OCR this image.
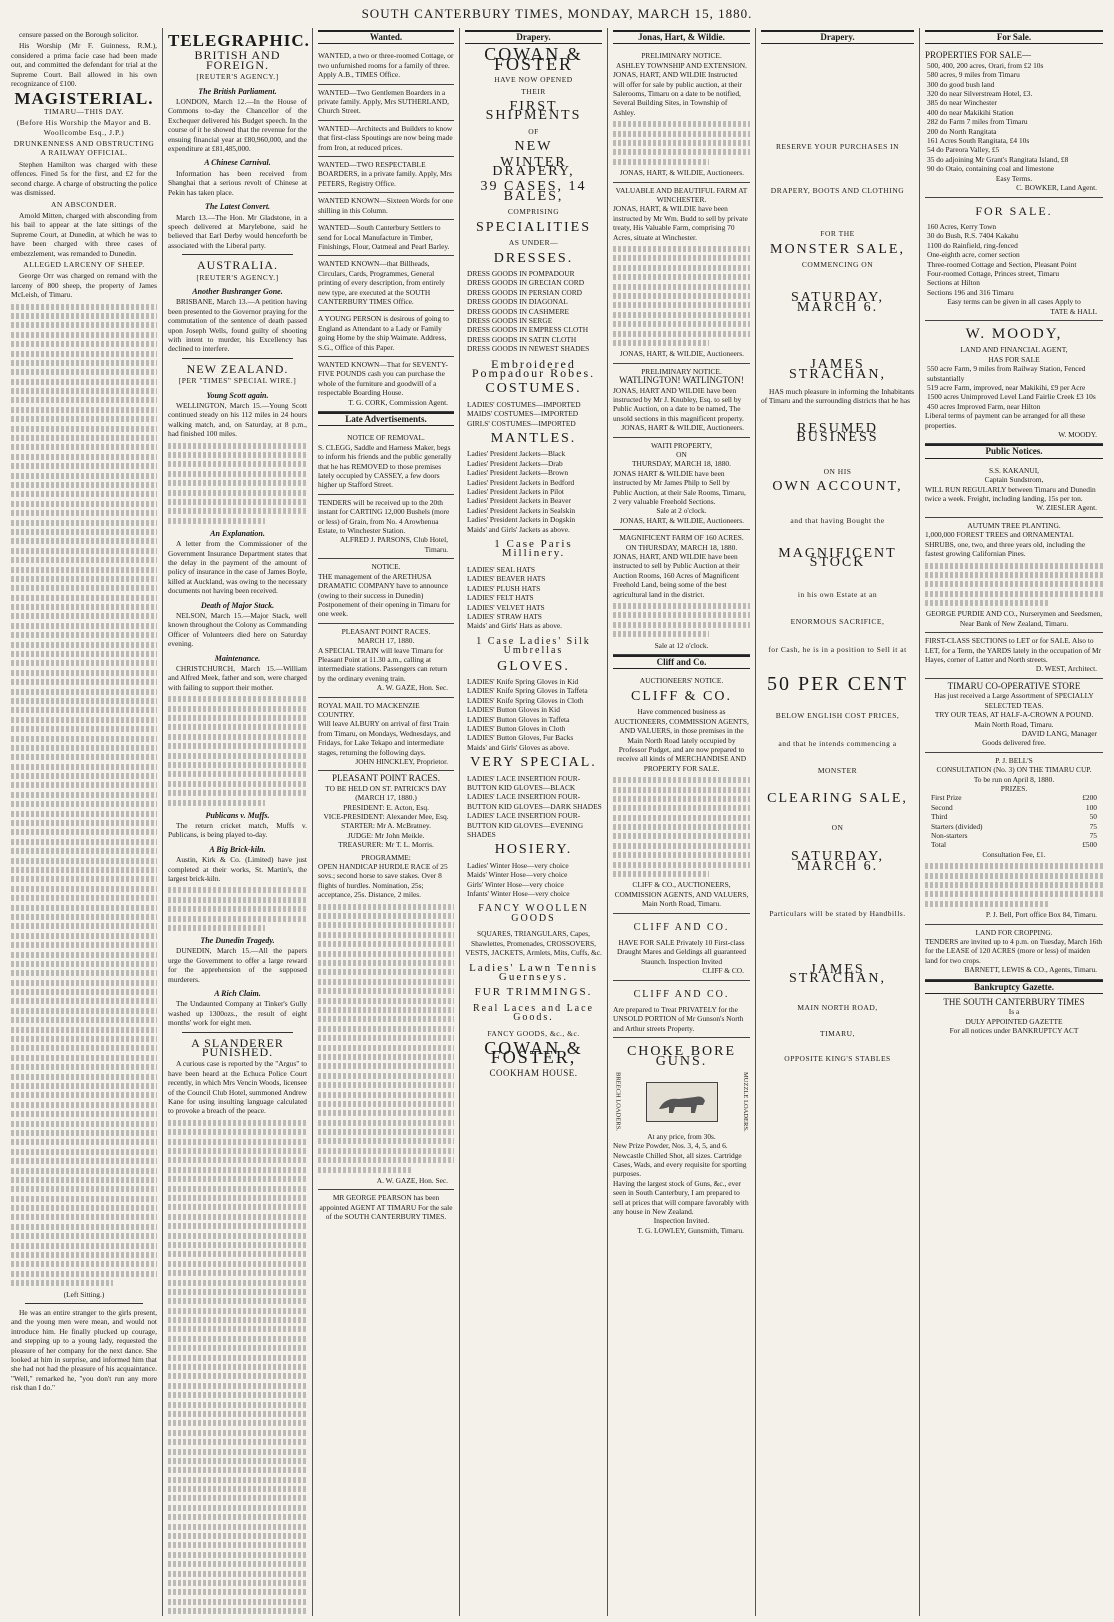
SOUTH CANTERBURY TIMES, MONDAY, MARCH 15, 1880.

censure passed on the Borough solicitor.

His Worship (Mr F. Guinness, R.M.), considered a prima facie case had been made out, and committed the defendant for trial at the Supreme Court. Bail allowed in his own recognizance of £100.

MAGISTERIAL.
TIMARU—THIS DAY.
(Before His Worship the Mayor and B. Woollcombe Esq., J.P.)
DRUNKENNESS AND OBSTRUCTING A RAILWAY OFFICIAL.

Stephen Hamilton was charged with these offences. Fined 5s for the first, and £2 for the second charge. A charge of obstructing the police was dismissed.

AN ABSCONDER.

Arnold Mitten, charged with absconding from his bail to appear at the late sittings of the Supreme Court, at Dunedin, at which he was to have been charged with three cases of embezzlement, was remanded to Dunedin.

ALLEGED LARCENY OF SHEEP.

George Orr was charged on remand with the larceny of 800 sheep, the property of James McLeish, of Timaru.

(Left Sitting.)

He was an entire stranger to the girls present, and the young men were mean, and would not introduce him. He finally plucked up courage, and stepping up to a young lady, requested the pleasure of her company for the next dance. She looked at him in surprise, and informed him that she had not had the pleasure of his acquaintance. "Well," remarked he, "you don't run any more risk than I do."

TELEGRAPHIC.
BRITISH AND FOREIGN.
[REUTER'S AGENCY.]
The British Parliament.

LONDON, March 12.—In the House of Commons to-day the Chancellor of the Exchequer delivered his Budget speech. In the course of it he showed that the revenue for the ensuing financial year at £80,960,000, and the expenditure at £81,485,000.

A Chinese Carnival.

Information has been received from Shanghai that a serious revolt of Chinese at Pekin has taken place.

The Latest Convert.

March 13.—The Hon. Mr Gladstone, in a speech delivered at Marylebone, said he believed that Earl Derby would henceforth be associated with the Liberal party.

AUSTRALIA.
[REUTER'S AGENCY.]
Another Bushranger Gone.

BRISBANE, March 13.—A petition having been presented to the Governor praying for the commutation of the sentence of death passed upon Joseph Wells, found guilty of shooting with intent to murder, his Excellency has declined to interfere.

NEW ZEALAND.
[PER "TIMES" SPECIAL WIRE.]
Young Scott again.

WELLINGTON, March 15.—Young Scott continued steady on his 112 miles in 24 hours walking match, and, on Saturday, at 8 p.m., had finished 100 miles.

An Explanation.

A letter from the Commissioner of the Government Insurance Department states that the delay in the payment of the amount of policy of insurance in the case of James Boyle, killed at Auckland, was owing to the necessary documents not having been received.

Death of Major Stack.

NELSON, March 15.—Major Stack, well known throughout the Colony as Commanding Officer of Volunteers died here on Saturday evening.

Maintenance.

CHRISTCHURCH, March 15.—William and Alfred Meek, father and son, were charged with failing to support their mother.

Publicans v. Muffs.

The return cricket match, Muffs v. Publicans, is being played to-day.

A Big Brick-kiln.

Austin, Kirk & Co. (Limited) have just completed at their works, St. Martin's, the largest brick-kiln.

The Dunedin Tragedy.

DUNEDIN, March 15.—All the papers urge the Government to offer a large reward for the apprehension of the supposed murderers.

A Rich Claim.

The Undaunted Company at Tinker's Gully washed up 1300ozs., the result of eight months' work for eight men.

A SLANDERER PUNISHED.

A curious case is reported by the "Argus" to have been heard at the Echuca Police Court recently, in which Mrs Vencin Woods, licensee of the Council Club Hotel, summoned Andrew Kane for using insulting language calculated to provoke a breach of the peace.

Wanted.
WANTED, a two or three-roomed Cottage, or two unfurnished rooms for a family of three. Apply A.B., TIMES Office.
WANTED—Two Gentlemen Boarders in a private family. Apply, Mrs SUTHERLAND, Church Street.
WANTED—Architects and Builders to know that first-class Spoutings are now being made from Iron, at reduced prices.
WANTED—TWO RESPECTABLE BOARDERS, in a private family. Apply, Mrs PETERS, Registry Office.
WANTED KNOWN—Sixteen Words for one shilling in this Column.
WANTED—South Canterbury Settlers to send for Local Manufacture in Timber, Finishings, Flour, Oatmeal and Pearl Barley.
WANTED KNOWN—that Billheads, Circulars, Cards, Programmes, General printing of every description, from entirely new type, are executed at the SOUTH CANTERBURY TIMES Office.
A YOUNG PERSON is desirous of going to England as Attendant to a Lady or Family going Home by the ship Waimate. Address, S.G., Office of this Paper.
WANTED KNOWN—That for SEVENTY-FIVE POUNDS cash you can purchase the whole of the furniture and goodwill of a respectable Boarding House.
T. G. CORK, Commission Agent.
Late Advertisements.
NOTICE OF REMOVAL.
S. CLEGG, Saddle and Harness Maker, begs to inform his friends and the public generally that he has REMOVED to those premises lately occupied by CASSEY, a few doors higher up Stafford Street.
TENDERS will be received up to the 20th instant for CARTING 12,000 Bushels (more or less) of Grain, from No. 4 Arowhenua Estate, to Winchester Station.
ALFRED J. PARSONS, Club Hotel, Timaru.
NOTICE.
THE management of the ARETHUSA DRAMATIC COMPANY have to announce (owing to their success in Dunedin) Postponement of their opening in Timaru for one week.
PLEASANT POINT RACES.
MARCH 17, 1880.
A SPECIAL TRAIN will leave Timaru for Pleasant Point at 11.30 a.m., calling at intermediate stations. Passengers can return by the ordinary evening train.
A. W. GAZE, Hon. Sec.
ROYAL MAIL TO MACKENZIE COUNTRY.
Will leave ALBURY on arrival of first Train from Timaru, on Mondays, Wednesdays, and Fridays, for Lake Tekapo and intermediate stages, returning the following days.
JOHN HINCKLEY, Proprietor.
PLEASANT POINT RACES.
TO BE HELD ON ST. PATRICK'S DAY (MARCH 17, 1880.)
PRESIDENT: E. Acton, Esq.
VICE-PRESIDENT: Alexander Mee, Esq.
STARTER: Mr A. McBratney.
JUDGE: Mr John Meikle.
TREASURER: Mr T. L. Morris.
PROGRAMME:
OPEN HANDICAP HURDLE RACE of 25 sovs.; second horse to save stakes. Over 8 flights of hurdles. Nomination, 25s; acceptance, 25s. Distance, 2 miles.
A. W. GAZE, Hon. Sec.
MR GEORGE PEARSON has been appointed AGENT AT TIMARU For the sale of the SOUTH CANTERBURY TIMES.
Drapery.
COWAN & FOSTER
HAVE NOW OPENED
THEIR
FIRST SHIPMENTS
OF
NEW
WINTER DRAPERY,
39 CASES, 14 BALES,
COMPRISING
SPECIALITIES
AS UNDER—
DRESSES.
DRESS GOODS IN POMPADOUR
DRESS GOODS IN GRECIAN CORD
DRESS GOODS IN PERSIAN CORD
DRESS GOODS IN DIAGONAL
DRESS GOODS IN CASHMERE
DRESS GOODS IN SERGE
DRESS GOODS IN EMPRESS CLOTH
DRESS GOODS IN SATIN CLOTH
DRESS GOODS IN NEWEST SHADES
Embroidered Pompadour Robes.
COSTUMES.
LADIES' COSTUMES—IMPORTED
MAIDS' COSTUMES—IMPORTED
GIRLS' COSTUMES—IMPORTED
MANTLES.
Ladies' President Jackets—Black
Ladies' President Jackets—Drab
Ladies' President Jackets—Brown
Ladies' President Jackets in Bedford
Ladies' President Jackets in Pilot
Ladies' President Jackets in Beaver
Ladies' President Jackets in Sealskin
Ladies' President Jackets in Dogskin
Maids' and Girls' Jackets as above.
1 Case Paris Millinery.
LADIES' SEAL HATS
LADIES' BEAVER HATS
LADIES' PLUSH HATS
LADIES' FELT HATS
LADIES' VELVET HATS
LADIES' STRAW HATS
Maids' and Girls' Hats as above.
1 Case Ladies' Silk Umbrellas
GLOVES.
LADIES' Knife Spring Gloves in Kid
LADIES' Knife Spring Gloves in Taffeta
LADIES' Knife Spring Gloves in Cloth
LADIES' Button Gloves in Kid
LADIES' Button Gloves in Taffeta
LADIES' Button Gloves in Cloth
LADIES' Button Gloves, Fur Backs
Maids' and Girls' Gloves as above.
VERY SPECIAL.
LADIES' LACE INSERTION FOUR-BUTTON KID GLOVES—BLACK
LADIES' LACE INSERTION FOUR-BUTTON KID GLOVES—DARK SHADES
LADIES' LACE INSERTION FOUR-BUTTON KID GLOVES—EVENING SHADES
HOSIERY.
Ladies' Winter Hose—very choice
Maids' Winter Hose—very choice
Girls' Winter Hose—very choice
Infants' Winter Hose—very choice
FANCY WOOLLEN GOODS
SQUARES, TRIANGULARS, Capes, Shawlettes, Promenades, CROSSOVERS, VESTS, JACKETS, Armlets, Mits, Cuffs, &c.
Ladies' Lawn Tennis Guernseys.
FUR TRIMMINGS.
Real Laces and Lace Goods.
FANCY GOODS, &c., &c.
COWAN & FOSTER,
COOKHAM HOUSE.
Jonas, Hart, & Wildie.
PRELIMINARY NOTICE.
ASHLEY TOWNSHIP AND EXTENSION.
JONAS, HART, AND WILDIE Instructed will offer for sale by public auction, at their Salerooms, Timaru on a date to be notified, Several Building Sites, in Township of Ashley.
JONAS, HART, & WILDIE, Auctioneers.
VALUABLE AND BEAUTIFUL FARM AT WINCHESTER.
JONAS, HART, & WILDIE have been instructed by Mr Wm. Budd to sell by private treaty, His Valuable Farm, comprising 70 Acres, situate at Winchester.
JONAS, HART, & WILDIE, Auctioneers.
PRELIMINARY NOTICE.
WATLINGTON! WATLINGTON!
JONAS, HART AND WILDIE have been instructed by Mr J. Knubley, Esq. to sell by Public Auction, on a date to be named, The unsold sections in this magnificent property.
JONAS, HART & WILDIE, Auctioneers.
WAITI PROPERTY,
ON
THURSDAY, MARCH 18, 1880.
JONAS HART & WILDIE have been instructed by Mr James Philp to Sell by Public Auction, at their Sale Rooms, Timaru, 2 very valuable Freehold Sections.
Sale at 2 o'clock.
JONAS, HART, & WILDIE, Auctioneers.
MAGNIFICENT FARM OF 160 ACRES.
ON THURSDAY, MARCH 18, 1880.
JONAS, HART, AND WILDIE have been instructed to sell by Public Auction at their Auction Rooms, 160 Acres of Magnificent Freehold Land, being some of the best agricultural land in the district.
Sale at 12 o'clock.
Cliff and Co.
AUCTIONEERS' NOTICE.
CLIFF & CO.
Have commenced business as AUCTIONEERS, COMMISSION AGENTS, AND VALUERS, in those premises in the Main North Road lately occupied by Professor Pudget, and are now prepared to receive all kinds of MERCHANDISE AND PROPERTY FOR SALE.
CLIFF & CO., AUCTIONEERS, COMMISSION AGENTS, AND VALUERS, Main North Road, Timaru.
CLIFF AND CO.
HAVE FOR SALE Privately 10 First-class Draught Mares and Geldings all guaranteed Staunch. Inspection Invited
CLIFF & CO.
CLIFF AND CO.
Are prepared to Treat PRIVATELY for the UNSOLD PORTION of Mr Gunson's North and Arthur streets Property.
CHOKE BORE GUNS.
BREECH LOADERS.	MUZZLE LOADERS.
At any price, from 30s.
New Prize Powder, Nos. 3, 4, 5, and 6. Newcastle Chilled Shot, all sizes. Cartridge Cases, Wads, and every requisite for sporting purposes.
Having the largest stock of Guns, &c., ever seen in South Canterbury, I am prepared to sell at prices that will compare favorably with any house in New Zealand.
Inspection Invited.
T. G. LOWLEY, Gunsmith, Timaru.
Drapery.
RESERVE YOUR PURCHASES IN
DRAPERY, BOOTS AND CLOTHING
FOR THE
MONSTER SALE,
COMMENCING ON
SATURDAY, MARCH 6.
JAMES STRACHAN,
HAS much pleasure in informing the Inhabitants of Timaru and the surrounding districts that he has
RESUMED BUSINESS
ON HIS
OWN ACCOUNT,
and that having Bought the
MAGNIFICENT STOCK
in his own Estate at an
ENORMOUS SACRIFICE,
for Cash, he is in a position to Sell it at
50 PER CENT
BELOW ENGLISH COST PRICES,
and that he intends commencing a
MONSTER
CLEARING SALE,
ON
SATURDAY, MARCH 6.
Particulars will be stated by Handbills.
JAMES STRACHAN,
MAIN NORTH ROAD,
TIMARU,
OPPOSITE KING'S STABLES
For Sale.
PROPERTIES FOR SALE—
500, 400, 200 acres, Orari, from £2 10s
580 acres, 9 miles from Timaru
300 do good bush land
320 do near Silverstream Hotel, £3.
385 do near Winchester
400 do near Makikihi Station
282 do Farm 7 miles from Timaru
200 do North Rangitata
161 Acres South Rangitata, £4 10s
54 do Pareora Valley, £5
35 do adjoining Mr Grant's Rangitata Island, £8
90 do Otaio, containing coal and limestone
Easy Terms.
C. BOWKER, Land Agent.
FOR SALE.
160 Acres, Kerry Town
30 do Bush, R.S. 7404 Kakahu
1100 do Rainfield, ring-fenced
One-eighth acre, corner section
Three-roomed Cottage and Section, Pleasant Point
Four-roomed Cottage, Princes street, Timaru
Sections at Hilton
Sections 196 and 316 Timaru
Easy terms can be given in all cases Apply to
TATE & HALL
W. MOODY,
LAND AND FINANCIAL AGENT,
HAS FOR SALE
550 acre Farm, 9 miles from Railway Station, Fenced substantially
519 acre Farm, improved, near Makikihi, £9 per Acre
1500 acres Unimproved Level Land Fairlie Creek £3 10s
450 acres Improved Farm, near Hilton
Liberal terms of payment can be arranged for all these properties.
W. MOODY.
Public Notices.
S.S. KAKANUI,
Captain Sundstrom,
WILL RUN REGULARLY between Timaru and Dunedin twice a week. Freight, including landing, 15s per ton.
W. ZIESLER Agent.
AUTUMN TREE PLANTING.
1,000,000 FOREST TREES and ORNAMENTAL SHRUBS, one, two, and three years old, including the fastest growing Californian Pines.
GEORGE PURDIE AND CO., Nurserymen and Seedsmen, Near Bank of New Zealand, Timaru.
FIRST-CLASS SECTIONS to LET or for SALE. Also to LET, for a Term, the YARDS lately in the occupation of Mr Hayes, corner of Latter and North streets.
D. WEST, Architect.
TIMARU CO-OPERATIVE STORE
Has just received a Large Assortment of SPECIALLY SELECTED TEAS.
TRY OUR TEAS, AT HALF-A-CROWN A POUND.
Main North Road, Timaru.
DAVID LANG, Manager
Goods delivered free.
P. J. BELL'S
CONSULTATION (No. 3) ON THE TIMARU CUP.
To be run on April 8, 1880.
PRIZES.
First Prize	£200
Second	100
Third	50
Starters (divided)	75
Non-starters	75
Total	£500
Consultation Fee, £1.
P. J. Bell, Port office Box 84, Timaru.
LAND FOR CROPPING.
TENDERS are invited up to 4 p.m. on Tuesday, March 16th for the LEASE of 120 ACRES (more or less) of maiden land for two crops.
BARNETT, LEWIS & CO., Agents, Timaru.
Bankruptcy Gazette.
THE SOUTH CANTERBURY TIMES
Is a
DULY APPOINTED GAZETTE
For all notices under BANKRUPTCY ACT
